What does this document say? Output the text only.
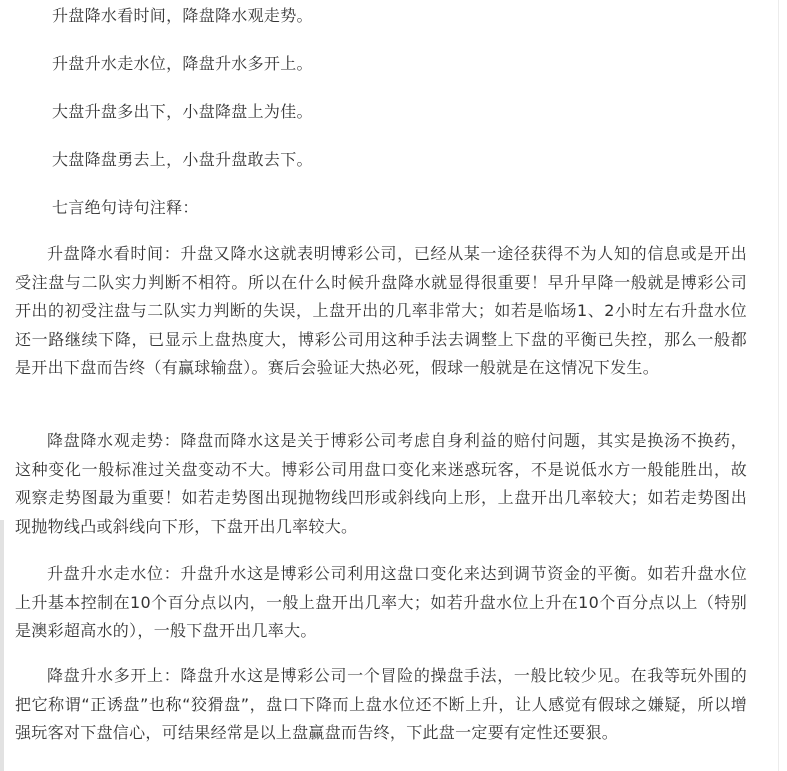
升盘降水看时间，降盘降水观走势。

升盘升水走水位，降盘升水多开上。

大盘升盘多出下，小盘降盘上为佳。

大盘降盘勇去上，小盘升盘敢去下。

七言绝句诗句注释：

升盘降水看时间：升盘又降水这就表明博彩公司，已经从某一途径获得不为人知的信息或是开出受注盘与二队实力判断不相符。所以在什么时候升盘降水就显得很重要！早升早降一般就是博彩公司开出的初受注盘与二队实力判断的失误，上盘开出的几率非常大；如若是临场1、2小时左右升盘水位还一路继续下降，已显示上盘热度大，博彩公司用这种手法去调整上下盘的平衡已失控，那么一般都是开出下盘而告终（有赢球输盘）。赛后会验证大热必死，假球一般就是在这情况下发生。

降盘降水观走势：降盘而降水这是关于博彩公司考虑自身利益的赔付问题，其实是换汤不换药，这种变化一般标准过关盘变动不大。博彩公司用盘口变化来迷惑玩客，不是说低水方一般能胜出，故观察走势图最为重要！如若走势图出现抛物线凹形或斜线向上形，上盘开出几率较大；如若走势图出现抛物线凸或斜线向下形，下盘开出几率较大。

升盘升水走水位：升盘升水这是博彩公司利用这盘口变化来达到调节资金的平衡。如若升盘水位上升基本控制在10个百分点以内，一般上盘开出几率大；如若升盘水位上升在10个百分点以上（特别是澳彩超高水的），一般下盘开出几率大。

降盘升水多开上：降盘升水这是博彩公司一个冒险的操盘手法，一般比较少见。在我等玩外围的把它称谓“正诱盘”也称“狡猾盘”，盘口下降而上盘水位还不断上升，让人感觉有假球之嫌疑，所以增强玩客对下盘信心，可结果经常是以上盘赢盘而告终，下此盘一定要有定性还要狠。
